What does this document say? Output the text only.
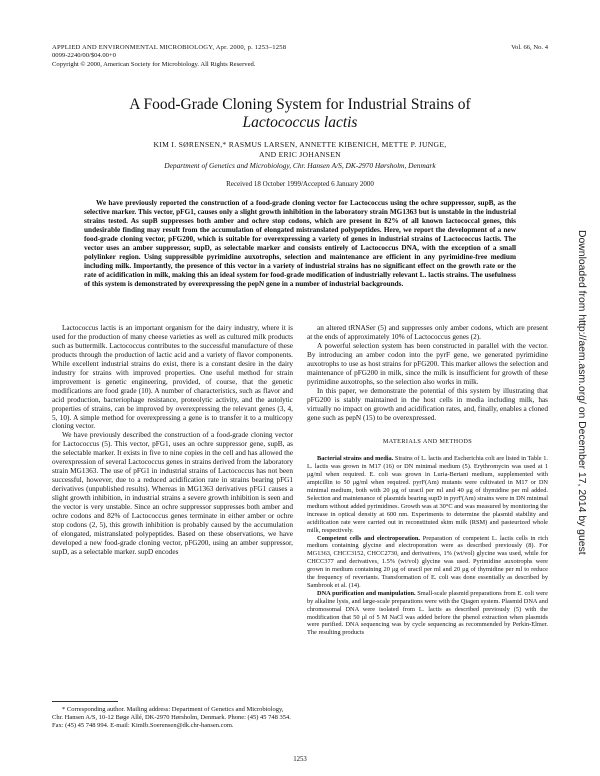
APPLIED AND ENVIRONMENTAL MICROBIOLOGY, Apr. 2000, p. 1253–1258	Vol. 66, No. 4
0099-2240/00/$04.00+0
Copyright © 2000, American Society for Microbiology. All Rights Reserved.
A Food-Grade Cloning System for Industrial Strains of
Lactococcus lactis
KIM I. SØRENSEN,* RASMUS LARSEN, ANNETTE KIBENICH, METTE P. JUNGE,
AND ERIC JOHANSEN
Department of Genetics and Microbiology, Chr. Hansen A/S, DK-2970 Hørsholm, Denmark
Received 18 October 1999/Accepted 6 January 2000
We have previously reported the construction of a food-grade cloning vector for Lactococcus using the ochre suppressor, supB, as the selective marker. This vector, pFG1, causes only a slight growth inhibition in the laboratory strain MG1363 but is unstable in the industrial strains tested. As supB suppresses both amber and ochre stop codons, which are present in 82% of all known lactococcal genes, this undesirable finding may result from the accumulation of elongated mistranslated polypeptides. Here, we report the development of a new food-grade cloning vector, pFG200, which is suitable for overexpressing a variety of genes in industrial strains of Lactococcus lactis. The vector uses an amber suppressor, supD, as selectable marker and consists entirely of Lactococcus DNA, with the exception of a small polylinker region. Using suppressible pyrimidine auxotrophs, selection and maintenance are efficient in any pyrimidine-free medium including milk. Importantly, the presence of this vector in a variety of industrial strains has no significant effect on the growth rate or the rate of acidification in milk, making this an ideal system for food-grade modification of industrially relevant L. lactis strains. The usefulness of this system is demonstrated by overexpressing the pepN gene in a number of industrial backgrounds.	Downloaded from http://aem.asm.org/ on December 17, 2014 by guest

Lactococcus lactis is an important organism for the dairy industry, where it is used for the production of many cheese varieties as well as cultured milk products such as buttermilk. Lactococcus contributes to the successful manufacture of these products through the production of lactic acid and a variety of flavor components. While excellent industrial strains do exist, there is a constant desire in the dairy industry for strains with improved properties. One useful method for strain improvement is genetic engineering, provided, of course, that the genetic modifications are food grade (10). A number of characteristics, such as flavor and acid production, bacteriophage resistance, proteolytic activity, and the autolytic properties of strains, can be improved by overexpressing the relevant genes (3, 4, 5, 10). A simple method for overexpressing a gene is to transfer it to a multicopy cloning vector.

We have previously described the construction of a food-grade cloning vector for Lactococcus (5). This vector, pFG1, uses an ochre suppressor gene, supB, as the selectable marker. It exists in five to nine copies in the cell and has allowed the overexpression of several Lactococcus genes in strains derived from the laboratory strain MG1363. The use of pFG1 in industrial strains of Lactococcus has not been successful, however, due to a reduced acidification rate in strains bearing pFG1 derivatives (unpublished results). Whereas in MG1363 derivatives pFG1 causes a slight growth inhibition, in industrial strains a severe growth inhibition is seen and the vector is very unstable. Since an ochre suppressor suppresses both amber and ochre codons and 82% of Lactococcus genes terminate in either amber or ochre stop codons (2, 5), this growth inhibition is probably caused by the accumulation of elongated, mistranslated polypeptides. Based on these observations, we have developed a new food-grade cloning vector, pFG200, using an amber suppressor, supD, as a selectable marker. supD encodes

an altered tRNASer (5) and suppresses only amber codons, which are present at the ends of approximately 10% of Lactococcus genes (2).

A powerful selection system has been constructed in parallel with the vector. By introducing an amber codon into the pyrF gene, we generated pyrimidine auxotrophs to use as host strains for pFG200. This marker allows the selection and maintenance of pFG200 in milk, since the milk is insufficient for growth of these pyrimidine auxotrophs, so the selection also works in milk.

In this paper, we demonstrate the potential of this system by illustrating that pFG200 is stably maintained in the host cells in media including milk, has virtually no impact on growth and acidification rates, and, finally, enables a cloned gene such as pepN (15) to be overexpressed.

MATERIALS AND METHODS

Bacterial strains and media. Strains of L. lactis and Escherichia coli are listed in Table 1. L. lactis was grown in M17 (16) or DN minimal medium (5). Erythromycin was used at 1 μg/ml when required. E. coli was grown in Luria-Bertani medium, supplemented with ampicillin to 50 μg/ml when required. pyrF(Am) mutants were cultivated in M17 or DN minimal medium, both with 20 μg of uracil per ml and 40 μg of thymidine per ml added. Selection and maintenance of plasmids bearing supD in pyrF(Am) strains were in DN minimal medium without added pyrimidines. Growth was at 30°C and was measured by monitoring the increase in optical density at 600 nm. Experiments to determine the plasmid stability and acidification rate were carried out in reconstituted skim milk (RSM) and pasteurized whole milk, respectively.

Competent cells and electroporation. Preparation of competent L. lactis cells in rich medium containing glycine and electroporation were as described previously (8). For MG1363, CHCC3152, CHCC2730, and derivatives, 1% (wt/vol) glycine was used, while for CHCC377 and derivatives, 1.5% (wt/vol) glycine was used. Pyrimidine auxotrophs were grown in medium containing 20 μg of uracil per ml and 20 μg of thymidine per ml to reduce the frequency of revertants. Transformation of E. coli was done essentially as described by Sambrook et al. (14).

DNA purification and manipulation. Small-scale plasmid preparations from E. coli were by alkaline lysis, and large-scale preparations were with the Qiagen system. Plasmid DNA and chromosomal DNA were isolated from L. lactis as described previously (5) with the modification that 50 μl of 5 M NaCl was added before the phenol extraction when plasmids were purified. DNA sequencing was by cycle sequencing as recommended by Perkin-Elmer. The resulting products

* Corresponding author. Mailing address: Department of Genetics and Microbiology, Chr. Hansen A/S, 10-12 Bøge Allé, DK-2970 Hørsholm, Denmark. Phone: (45) 45 748 354. Fax: (45) 45 748 994. E-mail: KimIb.Soerensen@dk.chr-hansen.com.
1253
